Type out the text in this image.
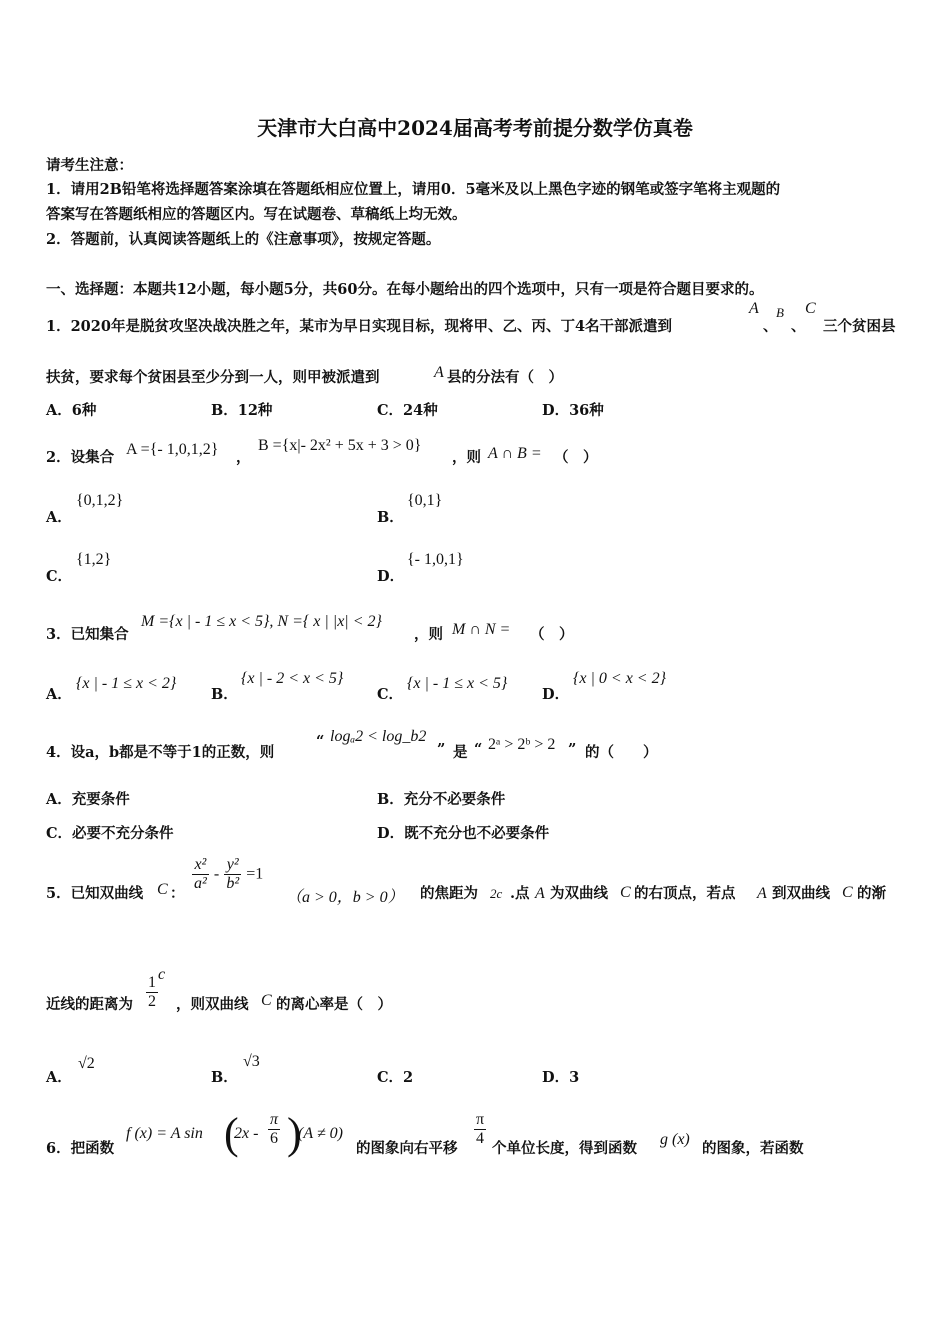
天津市大白高中2024届高考考前提分数学仿真卷
请考生注意：
1．请用2B铅笔将选择题答案涂填在答题纸相应位置上，请用0．5毫米及以上黑色字迹的钢笔或签字笔将主观题的
答案写在答题纸相应的答题区内。写在试题卷、草稿纸上均无效。
2．答题前，认真阅读答题纸上的《注意事项》，按规定答题。
一、选择题：本题共12小题，每小题5分，共60分。在每小题给出的四个选项中，只有一项是符合题目要求的。
1．2020年是脱贫攻坚决战决胜之年，某市为早日实现目标，现将甲、乙、丙、丁4名干部派遣到
A
、
B
、
C
三个贫困县
扶贫，要求每个贫困县至少分到一人，则甲被派遣到	A 县的分法有（　）
A．6种	B．12种	C．24种	D．36种
2．设集合 A ={- 1,0,1,2} ，
B ={x|- 2x² + 5x + 3 > 0}
，则 A ∩ B = （　）
A．
{0,1,2}
B．
{0,1}
C．
{1,2}
D．
{- 1,0,1}
3．已知集合
M ={x | - 1 ≤ x < 5}, N ={ x | |x| < 2}
，则 M ∩ N = （　）
A．
{x | - 1 ≤ x < 2}
B．
{x | - 2 < x < 5}
C．
{x | - 1 ≤ x < 5}
D．
{x | 0 < x < 2}
4．设a，b都是不等于1的正数，则
“ logₐ2 < log_b2
” 是 “ 2ᵃ > 2ᵇ > 2 ” 的（　　）
A．充要条件	B．充分不必要条件
C．必要不充分条件	D．既不充分也不必要条件
5．已知双曲线 C ：
$\frac{\text{x²}}{\text{a²}} - \frac{\text{y²}}{\text{b²}} =1$
（a > 0，b > 0） 的焦距为 2c .点 A 为双曲线 C 的右顶点，若点 A 到双曲线 C 的渐
近线的距离为 $\frac{1}{2}$ c
，则双曲线 C 的离心率是（　）
A．
√2
B．
√3
C．2	D．3
6．把函数
f (x) = A sin (
$2x - \frac{\pi}{6}$ )
(A ≠ 0)
的图象向右平移
$\frac{\pi}{4}$
个单位长度，得到函数
g (x)
的图象，若函数
